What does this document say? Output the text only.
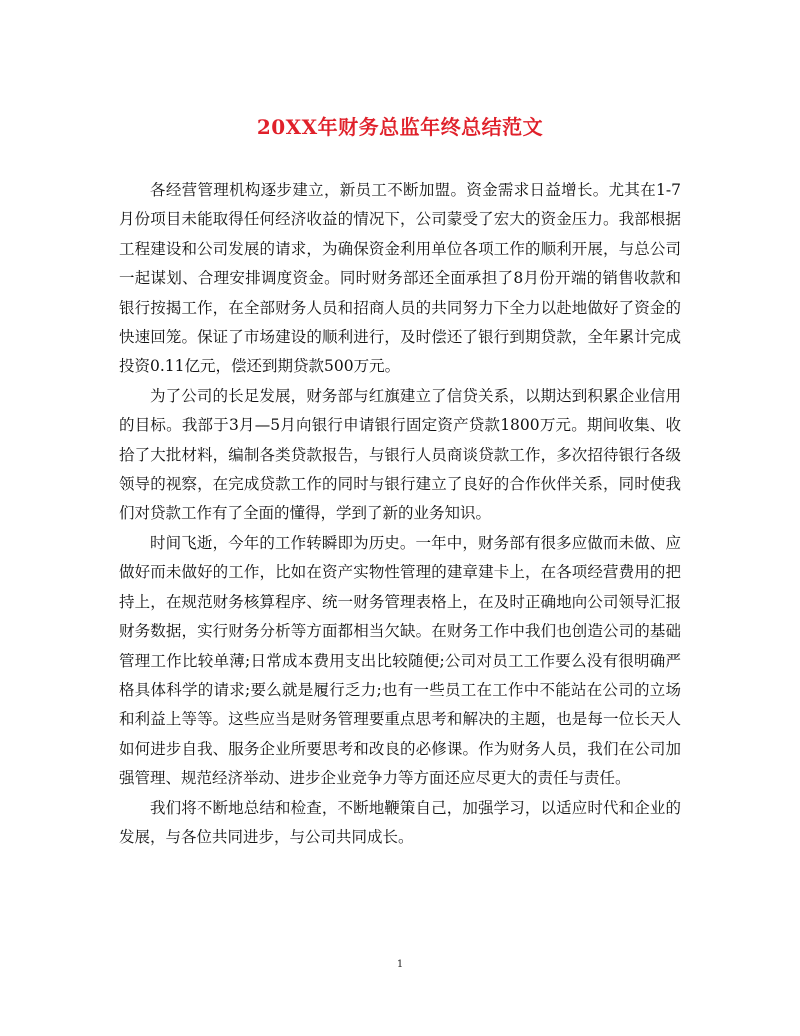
20XX年财务总监年终总结范文

各经营管理机构逐步建立，新员工不断加盟。资金需求日益增长。尤其在1-7月份项目未能取得任何经济收益的情况下，公司蒙受了宏大的资金压力。我部根据工程建设和公司发展的请求，为确保资金利用单位各项工作的顺利开展，与总公司一起谋划、合理安排调度资金。同时财务部还全面承担了8月份开端的销售收款和银行按揭工作，在全部财务人员和招商人员的共同努力下全力以赴地做好了资金的快速回笼。保证了市场建设的顺利进行，及时偿还了银行到期贷款，全年累计完成投资0.11亿元，偿还到期贷款500万元。

为了公司的长足发展，财务部与红旗建立了信贷关系，以期达到积累企业信用的目标。我部于3月—5月向银行申请银行固定资产贷款1800万元。期间收集、收拾了大批材料，编制各类贷款报告，与银行人员商谈贷款工作，多次招待银行各级领导的视察，在完成贷款工作的同时与银行建立了良好的合作伙伴关系，同时使我们对贷款工作有了全面的懂得，学到了新的业务知识。

时间飞逝，今年的工作转瞬即为历史。一年中，财务部有很多应做而未做、应做好而未做好的工作，比如在资产实物性管理的建章建卡上，在各项经营费用的把持上，在规范财务核算程序、统一财务管理表格上，在及时正确地向公司领导汇报财务数据，实行财务分析等方面都相当欠缺。在财务工作中我们也创造公司的基础管理工作比较单薄;日常成本费用支出比较随便;公司对员工工作要么没有很明确严格具体科学的请求;要么就是履行乏力;也有一些员工在工作中不能站在公司的立场和利益上等等。这些应当是财务管理要重点思考和解决的主题，也是每一位长天人如何进步自我、服务企业所要思考和改良的必修课。作为财务人员，我们在公司加强管理、规范经济举动、进步企业竞争力等方面还应尽更大的责任与责任。

我们将不断地总结和检查，不断地鞭策自己，加强学习，以适应时代和企业的发展，与各位共同进步，与公司共同成长。

1
